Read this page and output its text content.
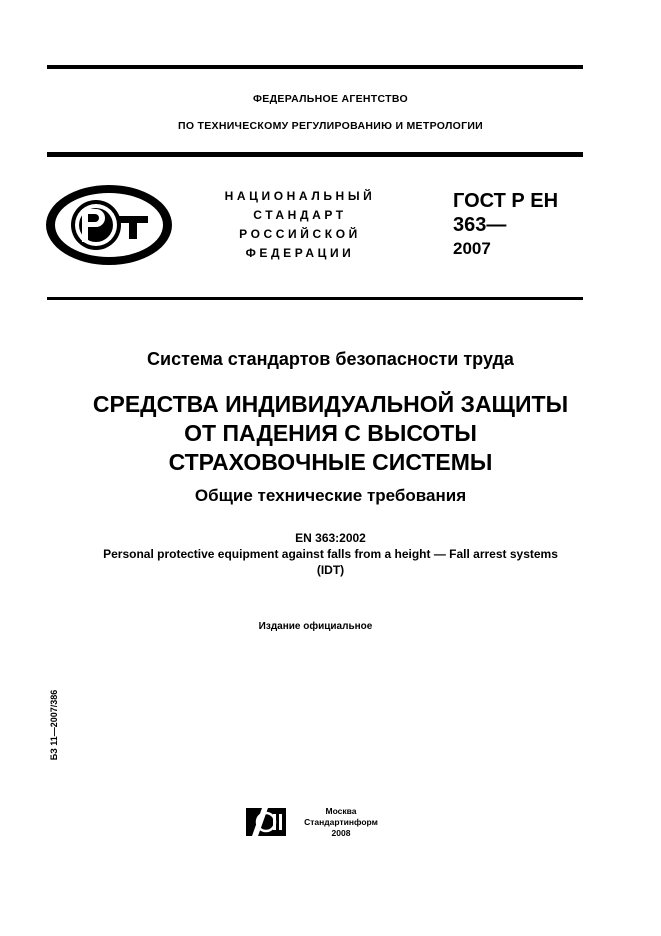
ФЕДЕРАЛЬНОЕ АГЕНТСТВО
ПО ТЕХНИЧЕСКОМУ РЕГУЛИРОВАНИЮ И МЕТРОЛОГИИ
НАЦИОНАЛЬНЫЙ
СТАНДАРТ
РОССИЙСКОЙ
ФЕДЕРАЦИИ
ГОСТ Р ЕН
363—
2007
Система стандартов безопасности труда
СРЕДСТВА ИНДИВИДУАЛЬНОЙ ЗАЩИТЫ
ОТ ПАДЕНИЯ С ВЫСОТЫ
СТРАХОВОЧНЫЕ СИСТЕМЫ
Общие технические требования
EN 363:2002
Personal protective equipment against falls from a height — Fall arrest systems
(IDT)
Издание официальное
БЗ 11—2007/386
Москва
Стандартинформ
2008
